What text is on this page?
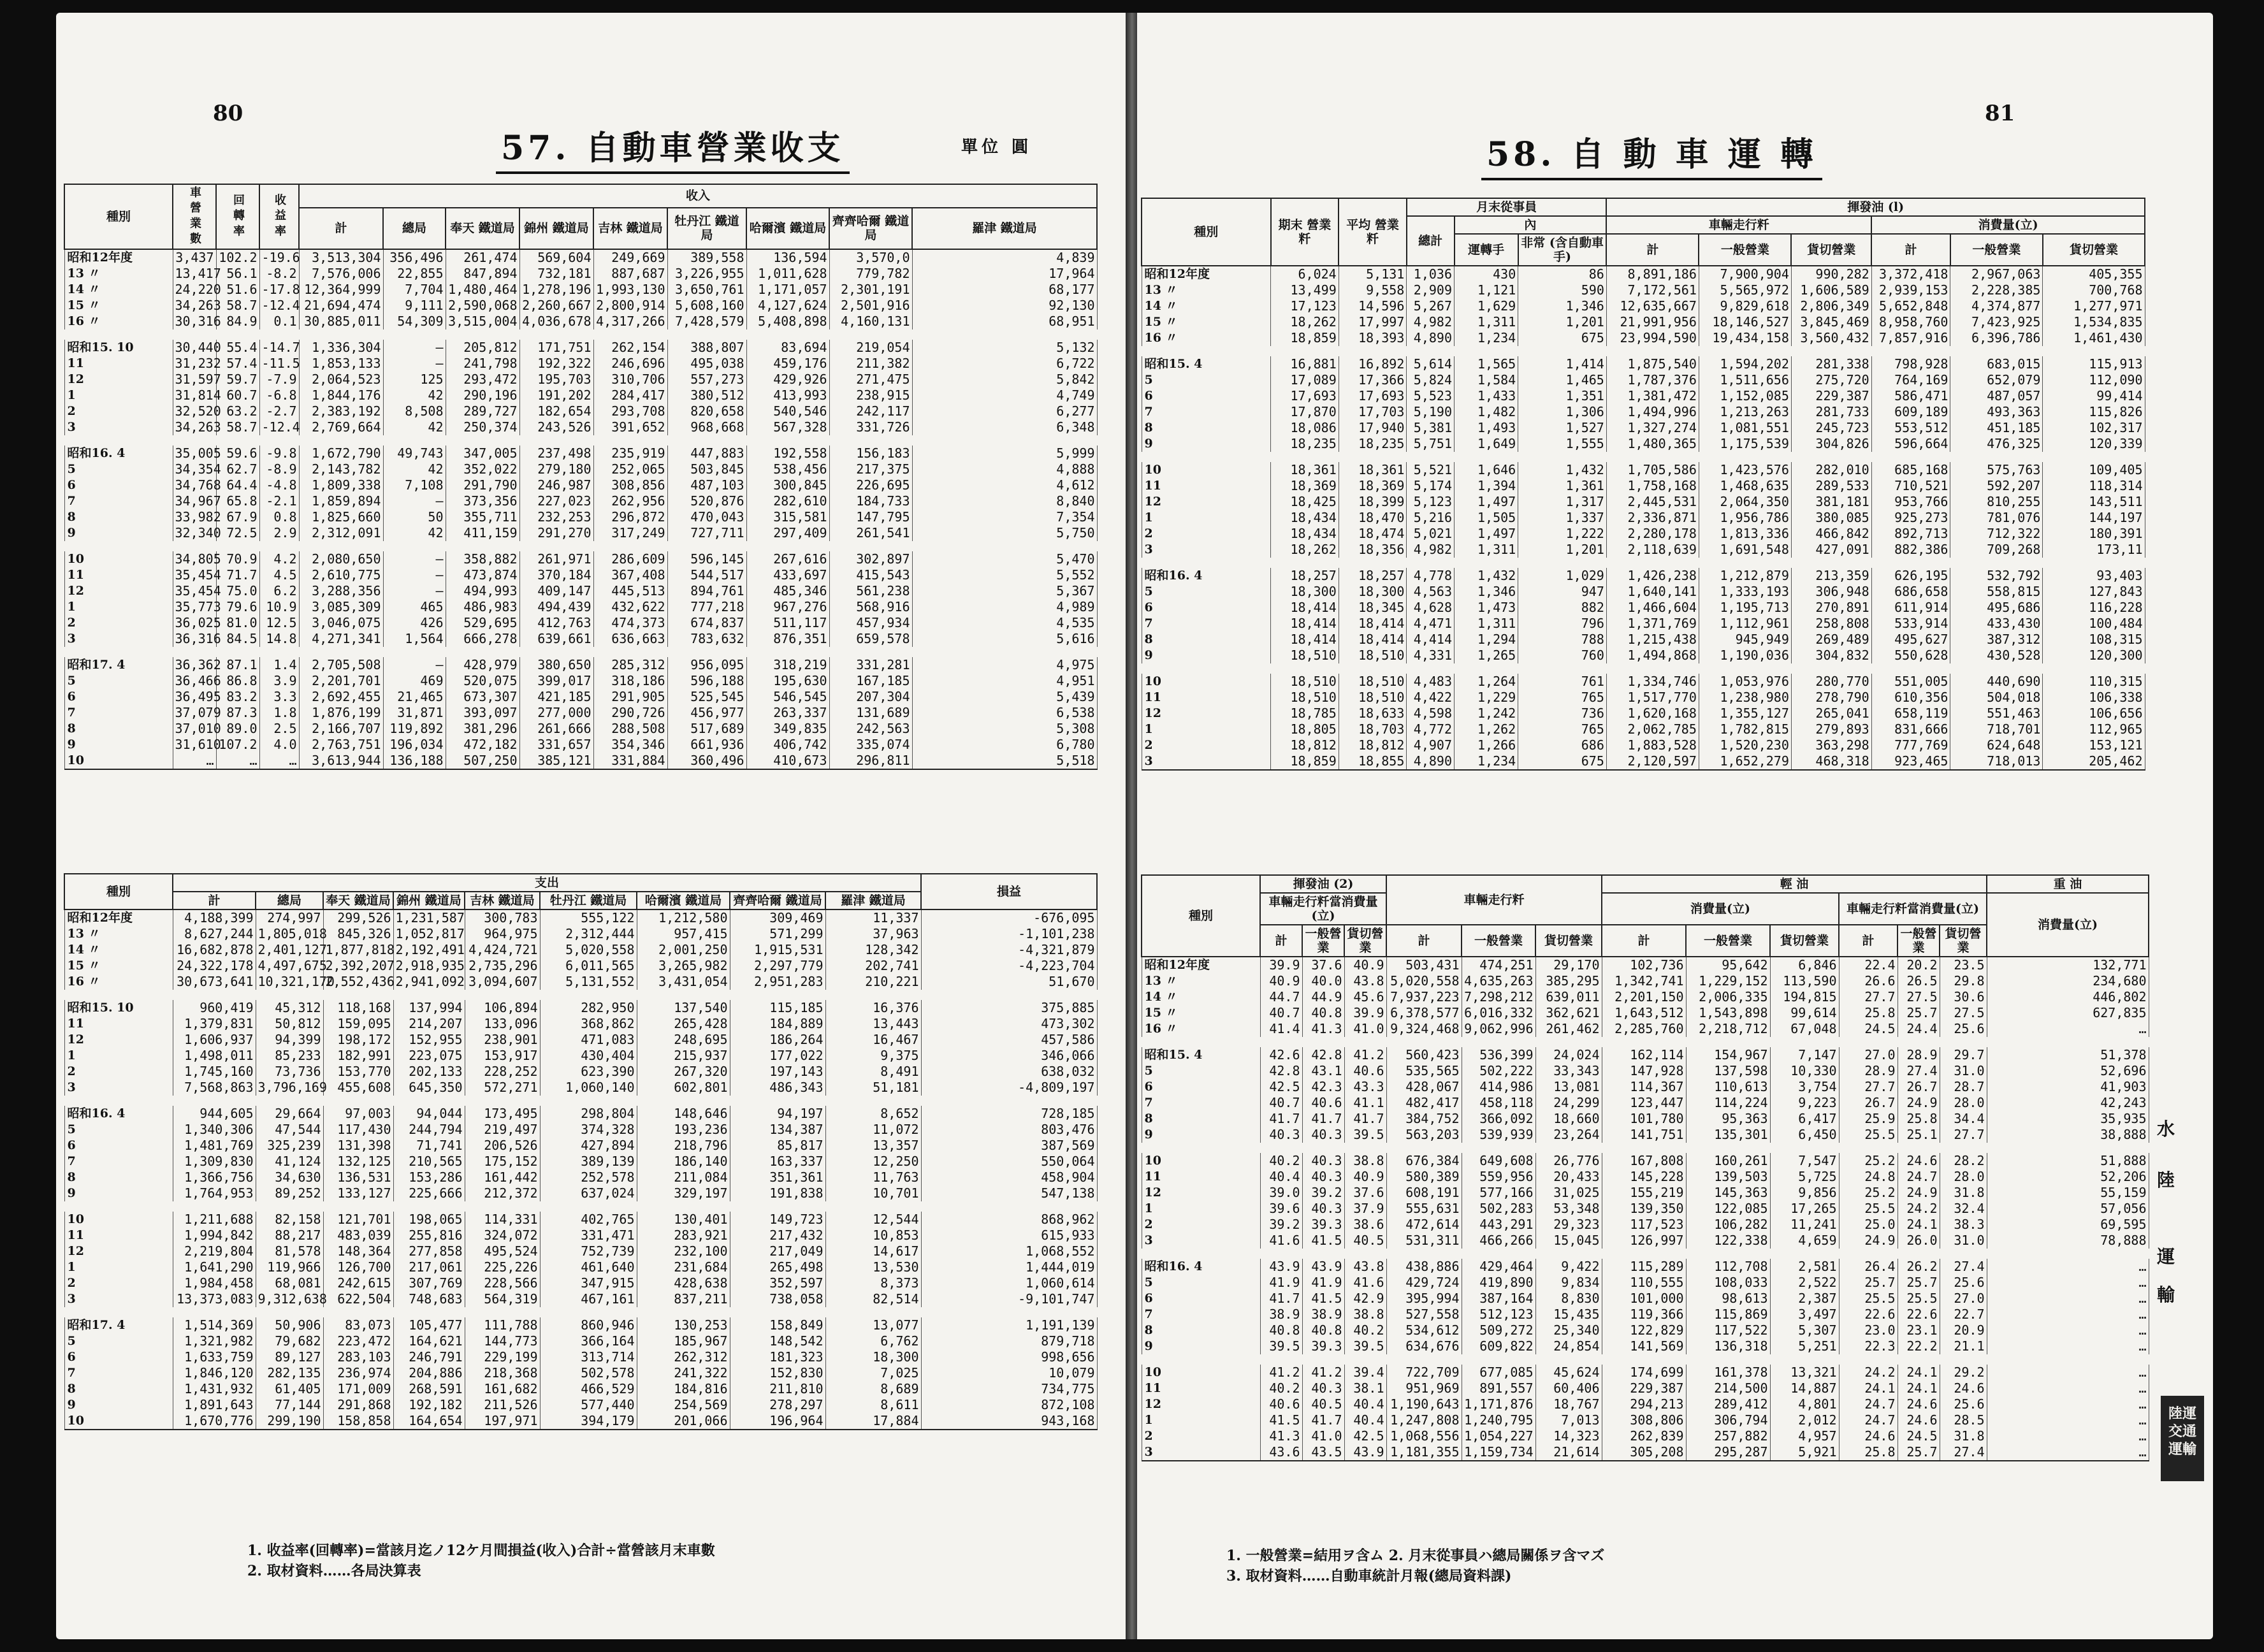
80
57. 自動車營業收支	單位 圓
種別	車 營 業 數	回 轉 率	收 益 率	收入								
				計	總局	奉天 鐵道局	錦州 鐵道局	吉林 鐵道局	牡丹江 鐵道局	哈爾濱 鐵道局	齊齊哈爾 鐵道局	羅津 鐵道局
昭和12年度	3,437	102.2	-19.6	3,513,304	356,496	261,474	569,604	249,669	389,558	136,594	3,570,0	4,839
13 〃	13,417	56.1	-8.2	7,576,006	22,855	847,894	732,181	887,687	3,226,955	1,011,628	779,782	17,964
14 〃	24,220	51.6	-17.8	12,364,999	7,704	1,480,464	1,278,196	1,993,130	3,650,761	1,171,057	2,301,191	68,177
15 〃	34,263	58.7	-12.4	21,694,474	9,111	2,590,068	2,260,667	2,800,914	5,608,160	4,127,624	2,501,916	92,130
16 〃	30,316	84.9	0.1	30,885,011	54,309	3,515,004	4,036,678	4,317,266	7,428,579	5,408,898	4,160,131	68,951
昭和15. 10	30,440	55.4	-14.7	1,336,304	—	205,812	171,751	262,154	388,807	83,694	219,054	5,132
11	31,232	57.4	-11.5	1,853,133	—	241,798	192,322	246,696	495,038	459,176	211,382	6,722
12	31,597	59.7	-7.9	2,064,523	125	293,472	195,703	310,706	557,273	429,926	271,475	5,842
1	31,814	60.7	-6.8	1,844,176	42	290,196	191,202	284,417	380,512	413,993	238,915	4,749
2	32,520	63.2	-2.7	2,383,192	8,508	289,727	182,654	293,708	820,658	540,546	242,117	6,277
3	34,263	58.7	-12.4	2,769,664	42	250,374	243,526	391,652	968,668	567,328	331,726	6,348
昭和16. 4	35,005	59.6	-9.8	1,672,790	49,743	347,005	237,498	235,919	447,883	192,558	156,183	5,999
5	34,354	62.7	-8.9	2,143,782	42	352,022	279,180	252,065	503,845	538,456	217,375	4,888
6	34,768	64.4	-4.8	1,809,338	7,108	291,790	246,987	308,856	487,103	300,845	226,695	4,612
7	34,967	65.8	-2.1	1,859,894	—	373,356	227,023	262,956	520,876	282,610	184,733	8,840
8	33,982	67.9	0.8	1,825,660	50	355,711	232,253	296,872	470,043	315,581	147,795	7,354
9	32,340	72.5	2.9	2,312,091	42	411,159	291,270	317,249	727,711	297,409	261,541	5,750
10	34,805	70.9	4.2	2,080,650	—	358,882	261,971	286,609	596,145	267,616	302,897	5,470
11	35,454	71.7	4.5	2,610,775	—	473,874	370,184	367,408	544,517	433,697	415,543	5,552
12	35,454	75.0	6.2	3,288,356	—	494,993	409,147	445,513	894,761	485,346	561,238	5,367
1	35,773	79.6	10.9	3,085,309	465	486,983	494,439	432,622	777,218	967,276	568,916	4,989
2	36,025	81.0	12.5	3,046,075	426	529,695	412,763	474,373	674,837	511,117	457,934	4,535
3	36,316	84.5	14.8	4,271,341	1,564	666,278	639,661	636,663	783,632	876,351	659,578	5,616
昭和17. 4	36,362	87.1	1.4	2,705,508	—	428,979	380,650	285,312	956,095	318,219	331,281	4,975
5	36,466	86.8	3.9	2,201,701	469	520,075	399,017	318,186	596,188	195,630	167,185	4,951
6	36,495	83.2	3.3	2,692,455	21,465	673,307	421,185	291,905	525,545	546,545	207,304	5,439
7	37,079	87.3	1.8	1,876,199	31,871	393,097	277,000	290,726	456,977	263,337	131,689	6,538
8	37,010	89.0	2.5	2,166,707	119,892	381,296	261,666	288,508	517,689	349,835	242,563	5,308
9	31,610	107.2	4.0	2,763,751	196,034	472,182	331,657	354,346	661,936	406,742	335,074	6,780
10	…	…	…	3,613,944	136,188	507,250	385,121	331,884	360,496	410,673	296,811	5,518
種別	支出									損益
	計	總局	奉天 鐵道局	錦州 鐵道局	吉林 鐵道局	牡丹江 鐵道局	哈爾濱 鐵道局	齊齊哈爾 鐵道局	羅津 鐵道局	
昭和12年度	4,188,399	274,997	299,526	1,231,587	300,783	555,122	1,212,580	309,469	11,337	-676,095
13 〃	8,627,244	1,805,018	845,326	1,052,817	964,975	2,312,444	957,415	571,299	37,963	-1,101,238
14 〃	16,682,878	2,401,127	1,877,818	2,192,491	4,424,721	5,020,558	2,001,250	1,915,531	128,342	-4,321,879
15 〃	24,322,178	4,497,675	2,392,207	2,918,935	2,735,296	6,011,565	3,265,982	2,297,779	202,741	-4,223,704
16 〃	30,673,641	10,321,170	2,552,436	2,941,092	3,094,607	5,131,552	3,431,054	2,951,283	210,221	51,670
昭和15. 10	960,419	45,312	118,168	137,994	106,894	282,950	137,540	115,185	16,376	375,885
11	1,379,831	50,812	159,095	214,207	133,096	368,862	265,428	184,889	13,443	473,302
12	1,606,937	94,399	198,172	152,955	238,901	471,083	248,695	186,264	16,467	457,586
1	1,498,011	85,233	182,991	223,075	153,917	430,404	215,937	177,022	9,375	346,066
2	1,745,160	73,736	153,770	202,133	228,252	623,390	267,320	197,143	8,491	638,032
3	7,568,863	3,796,169	455,608	645,350	572,271	1,060,140	602,801	486,343	51,181	-4,809,197
昭和16. 4	944,605	29,664	97,003	94,044	173,495	298,804	148,646	94,197	8,652	728,185
5	1,340,306	47,544	117,430	244,794	219,497	374,328	193,236	134,387	11,072	803,476
6	1,481,769	325,239	131,398	71,741	206,526	427,894	218,796	85,817	13,357	387,569
7	1,309,830	41,124	132,125	210,565	175,152	389,139	186,140	163,337	12,250	550,064
8	1,366,756	34,630	136,531	153,286	161,442	252,578	211,084	351,361	11,763	458,904
9	1,764,953	89,252	133,127	225,666	212,372	637,024	329,197	191,838	10,701	547,138
10	1,211,688	82,158	121,701	198,065	114,331	402,765	130,401	149,723	12,544	868,962
11	1,994,842	88,217	483,039	255,816	324,072	331,471	283,921	217,432	10,853	615,933
12	2,219,804	81,578	148,364	277,858	495,524	752,739	232,100	217,049	14,617	1,068,552
1	1,641,290	119,966	126,700	217,061	225,226	461,640	231,684	265,498	13,530	1,444,019
2	1,984,458	68,081	242,615	307,769	228,566	347,915	428,638	352,597	8,373	1,060,614
3	13,373,083	9,312,638	622,504	748,683	564,319	467,161	837,211	738,058	82,514	-9,101,747
昭和17. 4	1,514,369	50,906	83,073	105,477	111,788	860,946	130,253	158,849	13,077	1,191,139
5	1,321,982	79,682	223,472	164,621	144,773	366,164	185,967	148,542	6,762	879,718
6	1,633,759	89,127	283,103	246,791	229,199	313,714	262,312	181,323	18,300	998,656
7	1,846,120	282,135	236,974	204,886	218,368	502,578	241,322	152,830	7,025	10,079
8	1,431,932	61,405	171,009	268,591	161,682	466,529	184,816	211,810	8,689	734,775
9	1,891,643	77,144	291,868	192,182	211,526	577,440	254,569	278,297	8,611	872,108
10	1,670,776	299,190	158,858	164,654	197,971	394,179	201,066	196,964	17,884	943,168
1. 收益率(回轉率)=當該月迄ノ12ケ月間損益(收入)合計÷當營該月末車數
2. 取材資料……各局決算表
81
58. 自 動 車 運 轉
種別	期末 營業粁	平均 營業粁	月末從事員			揮發油 (l)					
			總計	內		車輛走行粁			消費量(立)		
				運轉手	非常 (含自動車手)	計	一般營業	貨切營業	計	一般營業	貨切營業
昭和12年度	6,024	5,131	1,036	430	86	8,891,186	7,900,904	990,282	3,372,418	2,967,063	405,355
13 〃	13,499	9,558	2,909	1,121	590	7,172,561	5,565,972	1,606,589	2,939,153	2,228,385	700,768
14 〃	17,123	14,596	5,267	1,629	1,346	12,635,667	9,829,618	2,806,349	5,652,848	4,374,877	1,277,971
15 〃	18,262	17,997	4,982	1,311	1,201	21,991,956	18,146,527	3,845,469	8,958,760	7,423,925	1,534,835
16 〃	18,859	18,393	4,890	1,234	675	23,994,590	19,434,158	3,560,432	7,857,916	6,396,786	1,461,430
昭和15. 4	16,881	16,892	5,614	1,565	1,414	1,875,540	1,594,202	281,338	798,928	683,015	115,913
5	17,089	17,366	5,824	1,584	1,465	1,787,376	1,511,656	275,720	764,169	652,079	112,090
6	17,693	17,693	5,523	1,433	1,351	1,381,472	1,152,085	229,387	586,471	487,057	99,414
7	17,870	17,703	5,190	1,482	1,306	1,494,996	1,213,263	281,733	609,189	493,363	115,826
8	18,086	17,940	5,381	1,493	1,527	1,327,274	1,081,551	245,723	553,512	451,185	102,317
9	18,235	18,235	5,751	1,649	1,555	1,480,365	1,175,539	304,826	596,664	476,325	120,339
10	18,361	18,361	5,521	1,646	1,432	1,705,586	1,423,576	282,010	685,168	575,763	109,405
11	18,369	18,369	5,174	1,394	1,361	1,758,168	1,468,635	289,533	710,521	592,207	118,314
12	18,425	18,399	5,123	1,497	1,317	2,445,531	2,064,350	381,181	953,766	810,255	143,511
1	18,434	18,470	5,216	1,505	1,337	2,336,871	1,956,786	380,085	925,273	781,076	144,197
2	18,434	18,474	5,021	1,497	1,222	2,280,178	1,813,336	466,842	892,713	712,322	180,391
3	18,262	18,356	4,982	1,311	1,201	2,118,639	1,691,548	427,091	882,386	709,268	173,11
昭和16. 4	18,257	18,257	4,778	1,432	1,029	1,426,238	1,212,879	213,359	626,195	532,792	93,403
5	18,300	18,300	4,563	1,346	947	1,640,141	1,333,193	306,948	686,658	558,815	127,843
6	18,414	18,345	4,628	1,473	882	1,466,604	1,195,713	270,891	611,914	495,686	116,228
7	18,414	18,414	4,471	1,311	796	1,371,769	1,112,961	258,808	533,914	433,430	100,484
8	18,414	18,414	4,414	1,294	788	1,215,438	945,949	269,489	495,627	387,312	108,315
9	18,510	18,510	4,331	1,265	760	1,494,868	1,190,036	304,832	550,628	430,528	120,300
10	18,510	18,510	4,483	1,264	761	1,334,746	1,053,976	280,770	551,005	440,690	110,315
11	18,510	18,510	4,422	1,229	765	1,517,770	1,238,980	278,790	610,356	504,018	106,338
12	18,785	18,633	4,598	1,242	736	1,620,168	1,355,127	265,041	658,119	551,463	106,656
1	18,805	18,703	4,772	1,262	765	2,062,785	1,782,815	279,893	831,666	718,701	112,965
2	18,812	18,812	4,907	1,266	686	1,883,528	1,520,230	363,298	777,769	624,648	153,121
3	18,859	18,855	4,890	1,234	675	2,120,597	1,652,279	468,318	923,465	718,013	205,462
種別	揮發油 (2)			車輛走行粁			輕 油						重 油
	車輛走行粁當消費量(立)						消費量(立)			車輛走行粁當消費量(立)			消費量(立)
	計	一般營業	貨切營業	計	一般營業	貨切營業	計	一般營業	貨切營業	計	一般營業	貨切營業	
昭和12年度	39.9	37.6	40.9	503,431	474,251	29,170	102,736	95,642	6,846	22.4	20.2	23.5	132,771
13 〃	40.9	40.0	43.8	5,020,558	4,635,263	385,295	1,342,741	1,229,152	113,590	26.6	26.5	29.8	234,680
14 〃	44.7	44.9	45.6	7,937,223	7,298,212	639,011	2,201,150	2,006,335	194,815	27.7	27.5	30.6	446,802
15 〃	40.7	40.8	39.9	6,378,577	6,016,332	362,621	1,643,512	1,543,898	99,614	25.8	25.7	27.5	627,835
16 〃	41.4	41.3	41.0	9,324,468	9,062,996	261,462	2,285,760	2,218,712	67,048	24.5	24.4	25.6	…
昭和15. 4	42.6	42.8	41.2	560,423	536,399	24,024	162,114	154,967	7,147	27.0	28.9	29.7	51,378
5	42.8	43.1	40.6	535,565	502,222	33,343	147,928	137,598	10,330	28.9	27.4	31.0	52,696
6	42.5	42.3	43.3	428,067	414,986	13,081	114,367	110,613	3,754	27.7	26.7	28.7	41,903
7	40.7	40.6	41.1	482,417	458,118	24,299	123,447	114,224	9,223	26.7	24.9	28.0	42,243
8	41.7	41.7	41.7	384,752	366,092	18,660	101,780	95,363	6,417	25.9	25.8	34.4	35,935
9	40.3	40.3	39.5	563,203	539,939	23,264	141,751	135,301	6,450	25.5	25.1	27.7	38,888
10	40.2	40.3	38.8	676,384	649,608	26,776	167,808	160,261	7,547	25.2	24.6	28.2	51,888
11	40.4	40.3	40.9	580,389	559,956	20,433	145,228	139,503	5,725	24.8	24.7	28.0	52,206
12	39.0	39.2	37.6	608,191	577,166	31,025	155,219	145,363	9,856	25.2	24.9	31.8	55,159
1	39.6	40.3	37.9	555,631	502,283	53,348	139,350	122,085	17,265	25.5	24.2	32.4	57,056
2	39.2	39.3	38.6	472,614	443,291	29,323	117,523	106,282	11,241	25.0	24.1	38.3	69,595
3	41.6	41.5	40.5	531,311	466,266	15,045	126,997	122,338	4,659	24.9	26.0	31.0	78,888
昭和16. 4	43.9	43.9	43.8	438,886	429,464	9,422	115,289	112,708	2,581	26.4	26.2	27.4	…
5	41.9	41.9	41.6	429,724	419,890	9,834	110,555	108,033	2,522	25.7	25.7	25.6	…
6	41.7	41.5	42.9	395,994	387,164	8,830	101,000	98,613	2,387	25.5	25.5	27.0	…
7	38.9	38.9	38.8	527,558	512,123	15,435	119,366	115,869	3,497	22.6	22.6	22.7	…
8	40.8	40.8	40.2	534,612	509,272	25,340	122,829	117,522	5,307	23.0	23.1	20.9	…
9	39.5	39.3	39.5	634,676	609,822	24,854	141,569	136,318	5,251	22.3	22.2	21.1	…
10	41.2	41.2	39.4	722,709	677,085	45,624	174,699	161,378	13,321	24.2	24.1	29.2	…
11	40.2	40.3	38.1	951,969	891,557	60,406	229,387	214,500	14,887	24.1	24.1	24.6	…
12	40.6	40.5	40.4	1,190,643	1,171,876	18,767	294,213	289,412	4,801	24.7	24.6	25.6	…
1	41.5	41.7	40.4	1,247,808	1,240,795	7,013	308,806	306,794	2,012	24.7	24.6	28.5	…
2	41.3	41.0	42.5	1,068,556	1,054,227	14,323	262,839	257,882	4,957	24.6	24.5	31.8	…
3	43.6	43.5	43.9	1,181,355	1,159,734	21,614	305,208	295,287	5,921	25.8	25.7	27.4	…
1. 一般營業=結用ヲ含ム 2. 月末從事員ハ總局關係ヲ含マズ
3. 取材資料……自動車統計月報(總局資料課)
水
陸
運
輸
陸運 交通 運輸
